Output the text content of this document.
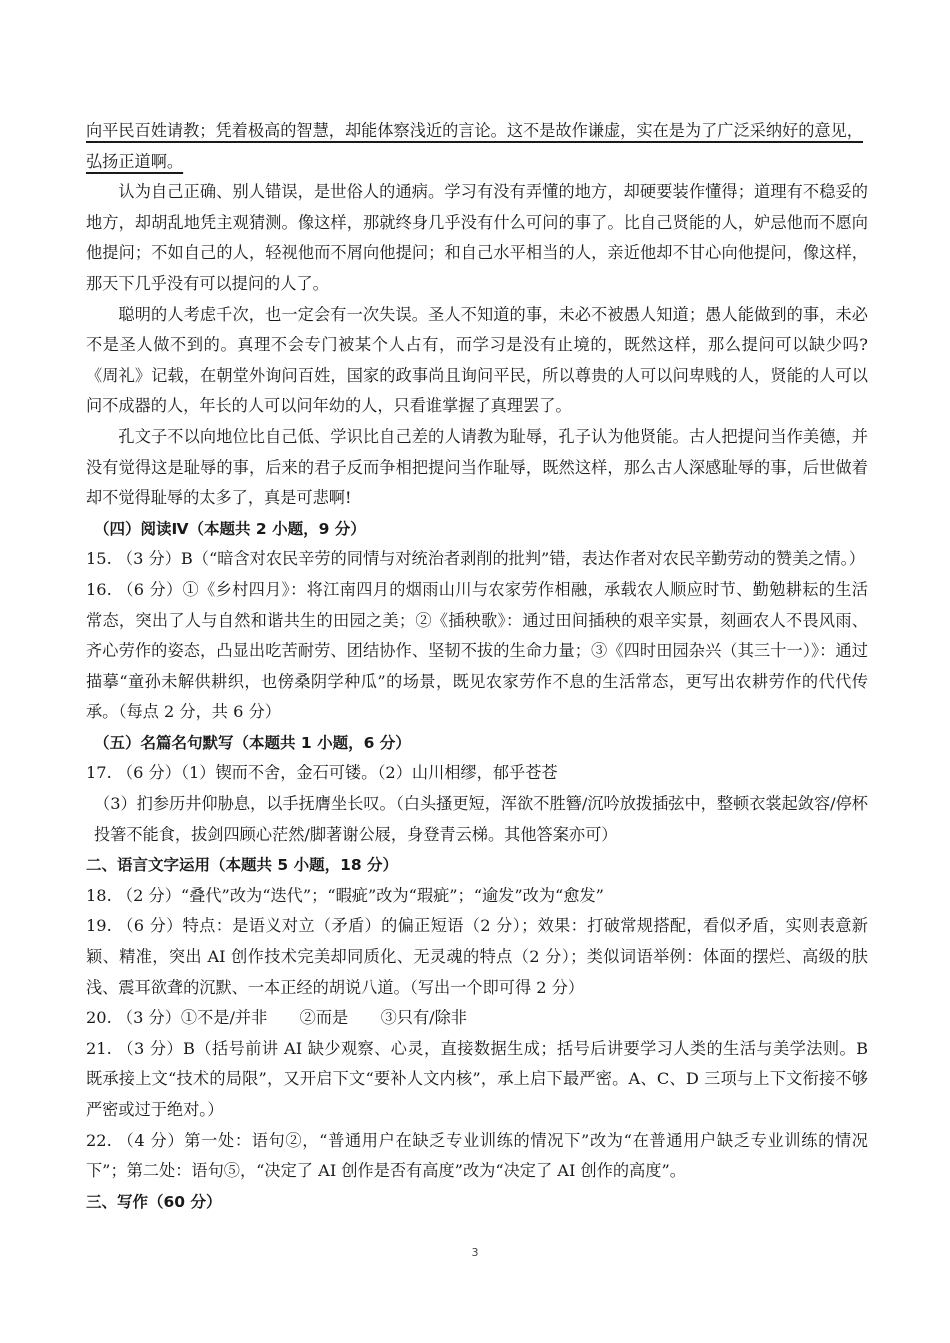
向平民百姓请教；凭着极高的智慧，却能体察浅近的言论。这不是故作谦虚，实在是为了广泛采纳好的意见，

弘扬正道啊。

认为自己正确、别人错误，是世俗人的通病。学习有没有弄懂的地方，却硬要装作懂得；道理有不稳妥的地方，却胡乱地凭主观猜测。像这样，那就终身几乎没有什么可问的事了。比自己贤能的人，妒忌他而不愿向他提问；不如自己的人，轻视他而不屑向他提问；和自己水平相当的人，亲近他却不甘心向他提问，像这样，那天下几乎没有可以提问的人了。

聪明的人考虑千次，也一定会有一次失误。圣人不知道的事，未必不被愚人知道；愚人能做到的事，未必不是圣人做不到的。真理不会专门被某个人占有，而学习是没有止境的，既然这样，那么提问可以缺少吗?《周礼》记载，在朝堂外询问百姓，国家的政事尚且询问平民，所以尊贵的人可以问卑贱的人，贤能的人可以问不成器的人，年长的人可以问年幼的人，只看谁掌握了真理罢了。

孔文子不以向地位比自己低、学识比自己差的人请教为耻辱，孔子认为他贤能。古人把提问当作美德，并没有觉得这是耻辱的事，后来的君子反而争相把提问当作耻辱，既然这样，那么古人深感耻辱的事，后世做着却不觉得耻辱的太多了，真是可悲啊!

（四）阅读Ⅳ（本题共 2 小题，9 分）

15. （3 分）B（“暗含对农民辛劳的同情与对统治者剥削的批判”错，表达作者对农民辛勤劳动的赞美之情。）

16. （6 分）①《乡村四月》：将江南四月的烟雨山川与农家劳作相融，承载农人顺应时节、勤勉耕耘的生活常态，突出了人与自然和谐共生的田园之美；②《插秧歌》：通过田间插秧的艰辛实景，刻画农人不畏风雨、齐心劳作的姿态，凸显出吃苦耐劳、团结协作、坚韧不拔的生命力量；③《四时田园杂兴（其三十一）》：通过描摹“童孙未解供耕织，也傍桑阴学种瓜”的场景，既见农家劳作不息的生活常态，更写出农耕劳作的代代传承。（每点 2 分，共 6 分）

（五）名篇名句默写（本题共 1 小题，6 分）

17. （6 分）（1）锲而不舍，金石可镂。（2）山川相缪，郁乎苍苍

（3）扪参历井仰胁息，以手抚膺坐长叹。（白头搔更短，浑欲不胜簪/沉吟放拨插弦中，整顿衣裳起敛容/停杯投箸不能食，拔剑四顾心茫然/脚著谢公屐，身登青云梯。其他答案亦可）

二、语言文字运用（本题共 5 小题，18 分）

18. （2 分）“叠代”改为“迭代”；“暇疵”改为“瑕疵”；“逾发”改为“愈发”

19. （6 分）特点：是语义对立（矛盾）的偏正短语（2 分）；效果：打破常规搭配，看似矛盾，实则表意新颖、精准，突出 AI 创作技术完美却同质化、无灵魂的特点（2 分）；类似词语举例：体面的摆烂、高级的肤浅、震耳欲聋的沉默、一本正经的胡说八道。（写出一个即可得 2 分）

20. （3 分）①不是/并非　　②而是　　③只有/除非

21. （3 分）B（括号前讲 AI 缺少观察、心灵，直接数据生成；括号后讲要学习人类的生活与美学法则。B 既承接上文“技术的局限”，又开启下文“要补人文内核”，承上启下最严密。A、C、D 三项与上下文衔接不够严密或过于绝对。）

22. （4 分）第一处：语句②，“普通用户在缺乏专业训练的情况下”改为“在普通用户缺乏专业训练的情况下”；第二处：语句⑤，“决定了 AI 创作是否有高度”改为“决定了 AI 创作的高度”。

三、写作（60 分）

3
